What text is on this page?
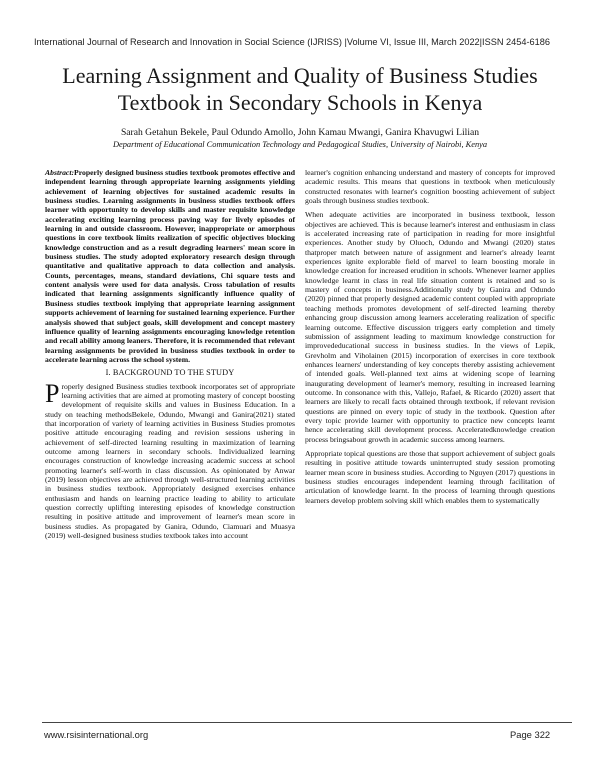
International Journal of Research and Innovation in Social Science (IJRISS) |Volume VI, Issue III, March 2022|ISSN 2454-6186
Learning Assignment and Quality of Business Studies Textbook in Secondary Schools in Kenya
Sarah Getahun Bekele, Paul Odundo Amollo, John Kamau Mwangi, Ganira Khavugwi Lilian
Department of Educational Communication Technology and Pedagogical Studies, University of Nairobi, Kenya

Abstract:Properly designed business studies textbook promotes effective and independent learning through appropriate learning assignments yielding achievement of learning objectives for sustained academic results in business studies. Learning assignments in business studies textbook offers learner with opportunity to develop skills and master requisite knowledge accelerating exciting learning process paving way for lively episodes of learning in and outside classroom. However, inappropriate or amorphous questions in core textbook limits realization of specific objectives blocking knowledge construction and as a result degrading learners' mean score in business studies. The study adopted exploratory research design through quantitative and qualitative approach to data collection and analysis. Counts, percentages, means, standard deviations, Chi square tests and content analysis were used for data analysis. Cross tabulation of results indicated that learning assignments significantly influence quality of Business studies textbook implying that appropriate learning assignment supports achievement of learning for sustained learning experience. Further analysis showed that subject goals, skill development and concept mastery influence quality of learning assignments encouraging knowledge retention and recall ability among leaners. Therefore, it is recommended that relevant learning assignments be provided in business studies textbook in order to accelerate learning across the school system.

I. BACKGROUND TO THE STUDY

Properly designed Business studies textbook incorporates set of appropriate learning activities that are aimed at promoting mastery of concept boosting development of requisite skills and values in Business Education. In a study on teaching methodsBekele, Odundo, Mwangi and Ganira(2021) stated that incorporation of variety of learning activities in Business Studies promotes positive attitude encouraging reading and revision sessions ushering in achievement of self-directed learning resulting in maximization of learning outcome among learners in secondary schools. Individualized learning encourages construction of knowledge increasing academic success at school promoting learner's self-worth in class discussion. As opinionated by Anwar (2019) lesson objectives are achieved through well-structured learning activities in business studies textbook. Appropriately designed exercises enhance enthusiasm and hands on learning practice leading to ability to articulate question correctly uplifting interesting episodes of knowledge construction resulting in positive attitude and improvement of learner's mean score in business studies. As propagated by Ganira, Odundo, Ciamuari and Muasya (2019) well-designed business studies textbook takes into account

learner's cognition enhancing understand and mastery of concepts for improved academic results. This means that questions in textbook when meticulously constructed resonates with learner's cognition boosting achievement of subject goals through business studies textbook.

When adequate activities are incorporated in business textbook, lesson objectives are achieved. This is because learner's interest and enthusiasm in class is accelerated increasing rate of participation in reading for more insightful experiences. Another study by Oluoch, Odundo and Mwangi (2020) states thatproper match between nature of assignment and learner's already learnt experiences ignite explorable field of marvel to learn boosting morale in knowledge creation for increased erudition in schools. Whenever learner applies knowledge learnt in class in real life situation content is retained and so is mastery of concepts in business.Additionally study by Ganira and Odundo (2020) pinned that properly designed academic content coupled with appropriate teaching methods promotes development of self-directed learning thereby enhancing group discussion among learners accelerating realization of specific learning outcome. Effective discussion triggers early completion and timely submission of assignment leading to maximum knowledge construction for improvededucational success in business studies. In the views of Lepik, Grevholm and Viholainen (2015) incorporation of exercises in core textbook enhances learners' understanding of key concepts thereby assisting achievement of intended goals. Well-planned text aims at widening scope of learning inaugurating development of learner's memory, resulting in increased learning outcome. In consonance with this, Vallejo, Rafael, & Ricardo (2020) assert that learners are likely to recall facts obtained through textbook, if relevant revision questions are pinned on every topic of study in the textbook. Question after every topic provide learner with opportunity to practice new concepts learnt hence accelerating skill development process. Acceleratedknowledge creation process bringsabout growth in academic success among learners.

Appropriate topical questions are those that support achievement of subject goals resulting in positive attitude towards uninterrupted study session promoting learner mean score in business studies. According to Nguyen (2017) questions in business studies encourages independent learning through facilitation of articulation of knowledge learnt. In the process of learning through questions learners develop problem solving skill which enables them to systematically

www.rsisinternational.org	Page 322
